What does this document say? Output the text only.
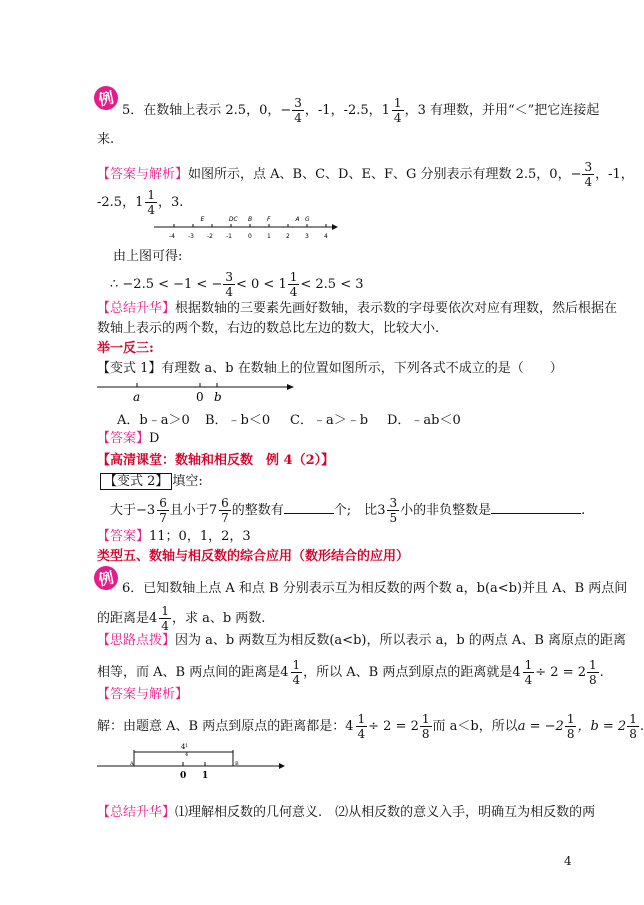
例
5．在数轴上表示 2.5，0，− $\frac{3}{4}$ ，-1，-2.5， $1 \frac{1}{4}$ ，3 有理数，并用“＜”把它连接起
来.
【答案与解析】如图所示，点 A、B、C、D、E、F、G 分别表示有理数 2.5，0，− $\frac{3}{4}$ ，-1，
-2.5， $1 \frac{1}{4}$ ，3.
-4 -3 -2 -1	0	1	2	3	4
E	DC B F	A G
由上图可得:
∴ −2.5 < −1 < − $\frac{3}{4} < 0 < 1 \frac{1}{4} < 2.5 < 3$
【总结升华】根据数轴的三要素先画好数轴，表示数的字母要依次对应有理数，然后根据在
数轴上表示的两个数，右边的数总比左边的数大，比较大小.
举一反三:
【变式 1】有理数 a、b 在数轴上的位置如图所示，下列各式不成立的是（　　）
a	0 b
A．b﹣a＞0 B．﹣b＜0 C．﹣a＞﹣b D．﹣ab＜0
【答案】D
【高清课堂：数轴和相反数　例 4（2）】
【变式 2】 填空:
大于− $3 \frac{6}{7}$ 且小于 $7 \frac{6}{7}$ 的整数有	个;　比 $3 \frac{3}{5}$ 小的非负整数是	.
【答案】11；0，1，2，3
类型五、数轴与相反数的综合应用（数形结合的应用）
例 6．已知数轴上点 A 和点 B 分别表示互为相反数的两个数 a，b(a<b)并且 A、B 两点间
的距离是 $4 \frac{1}{4}$ ，求 a、b 两数.
【思路点拨】因为 a、b 两数互为相反数(a<b)，所以表示 a，b 的两点 A、B 离原点的距离
相等，而 A、B 两点间的距离是 $4 \frac{1}{4}$ ，所以 A、B 两点到原点的距离就是 $4 \frac{1}{4} \div 2 = 2 \frac{1}{8}$ .
【答案与解析】
解：由题意 A、B 两点到原点的距离都是： $4 \frac{1}{4} \div 2 = 2 \frac{1}{8}$ 而 a＜b，所以$a = -2 \frac{1}{8}$ ，$b = 2 \frac{1}{8}$ .
4 1
4
A	B
0 1
【总结升华】⑴理解相反数的几何意义.　⑵从相反数的意义入手，明确互为相反数的两
4
